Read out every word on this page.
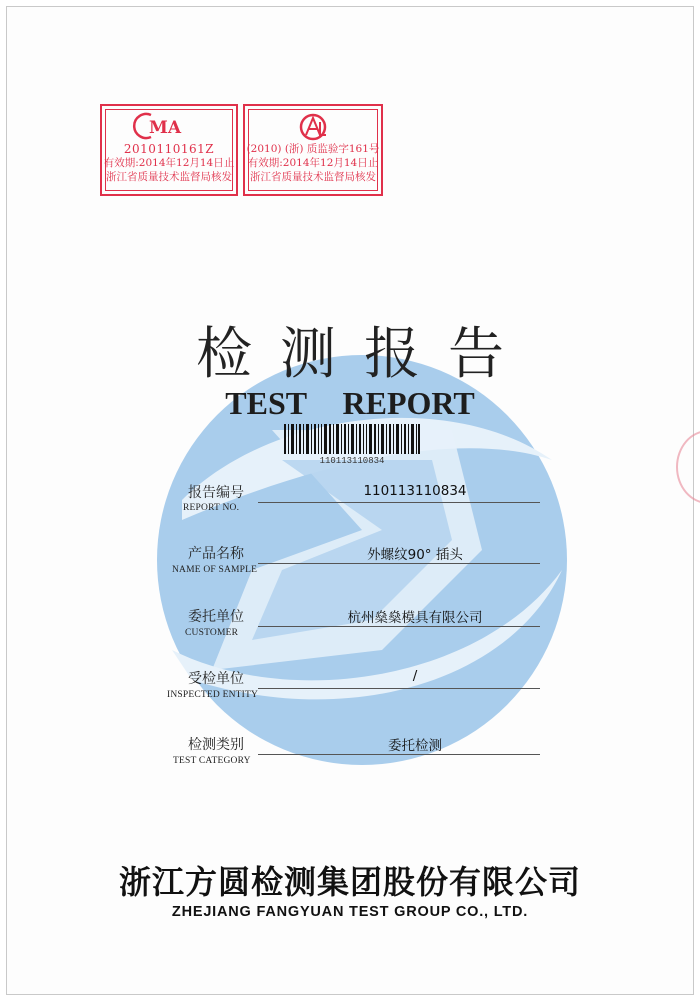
MA
2010110161Z
有效期:2014年12月14日止
浙江省质量技术监督局核发
(2010) (浙) 质监验字161号
有效期:2014年12月14日止
浙江省质量技术监督局核发
检测报告
TEST REPORT
110113110834
报告编号
REPORT NO.
110113110834
产品名称
NAME OF SAMPLE
外螺纹90° 插头
委托单位
CUSTOMER
杭州燊燊模具有限公司
受检单位
INSPECTED ENTITY
/
检测类别
TEST CATEGORY
委托检测
浙江方圆检测集团股份有限公司
ZHEJIANG FANGYUAN TEST GROUP CO., LTD.
